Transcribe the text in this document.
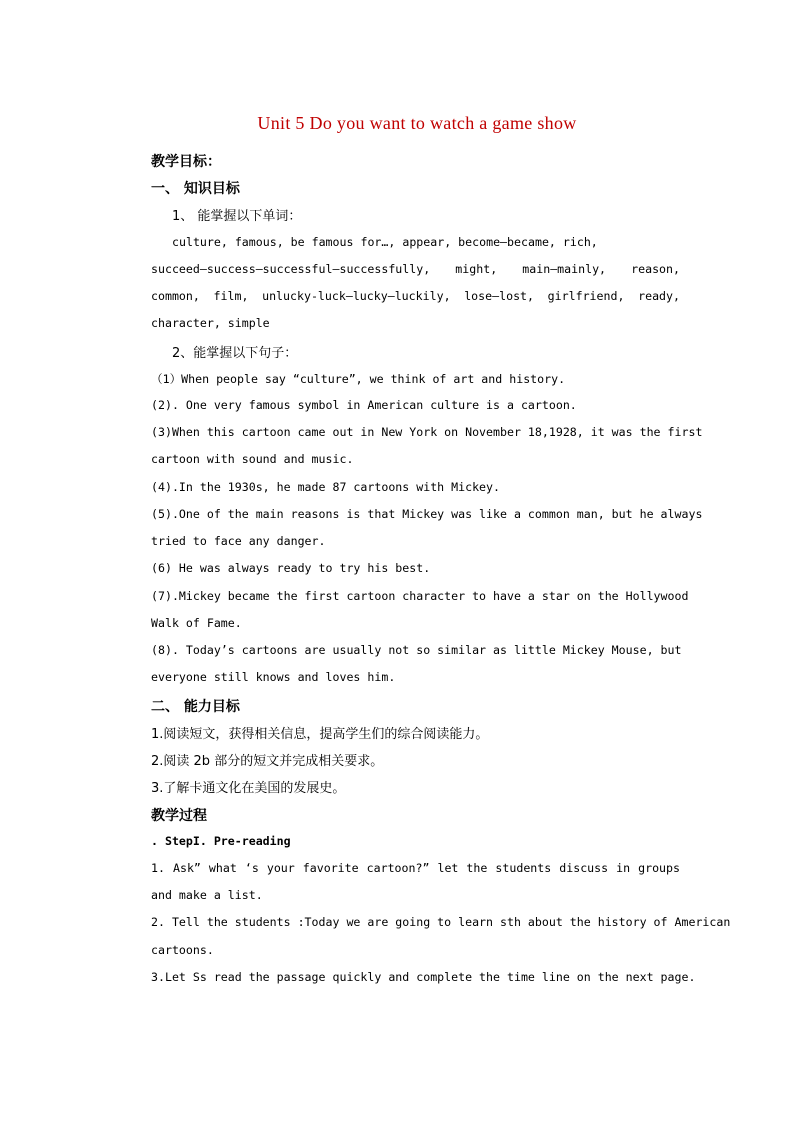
Unit 5 Do you want to watch a game show
教学目标：
一、 知识目标
1、 能掌握以下单词：
culture, famous, be famous for…, appear, become—became, rich,
succeed—success—successful—successfully, might, main—mainly, reason,
common, film, unlucky-luck—lucky—luckily, lose—lost, girlfriend, ready,
character, simple
2、能掌握以下句子：
（1）When people say “culture”, we think of art and history.
(2). One very famous symbol in American culture is a cartoon.
(3)When this cartoon came out in New York on November 18,1928, it was the first
cartoon with sound and music.
(4).In the 1930s, he made 87 cartoons with Mickey.
(5).One of the main reasons is that Mickey was like a common man, but he always
tried to face any danger.
(6) He was always ready to try his best.
(7).Mickey became the first cartoon character to have a star on the Hollywood
Walk of Fame.
(8). Today’s cartoons are usually not so similar as little Mickey Mouse, but
everyone still knows and loves him.
二、 能力目标
1.阅读短文，获得相关信息，提高学生们的综合阅读能力。
2.阅读 2b 部分的短文并完成相关要求。
3.了解卡通文化在美国的发展史。
教学过程
. StepI. Pre-reading
1. Ask” what ‘s your favorite cartoon?” let the students discuss in groups
and make a list.
2. Tell the students :Today we are going to learn sth about the history of American
cartoons.
3.Let Ss read the passage quickly and complete the time line on the next page.
